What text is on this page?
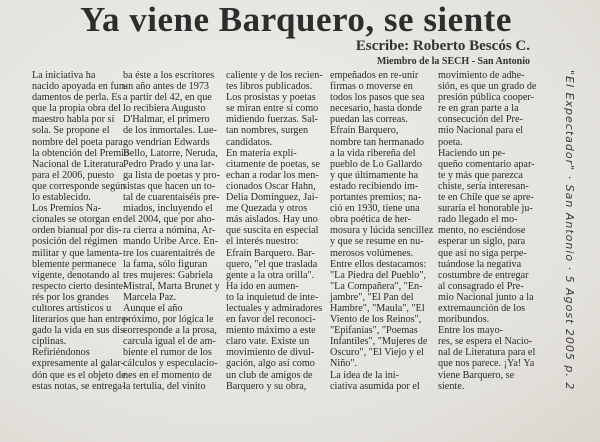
Ya viene Barquero, se siente
Escribe: Roberto Bescós C.
Miembro de la SECH - San Antonio
La iniciativa ha
nacido apoyada en fun-
damentos de perla. Es
que la propia obra del
maestro habla por sí
sola. Se propone el
nombre del poeta para
la obtención del Premio
Nacional de Literatura
para el 2006, puesto
que corresponde según
lo establecido.
Los Premios Na-
cionales se otorgan en
orden bianual por dis-
posición del régimen
militar y que lamenta-
blemente permanece
vigente, denotando al
respecto cierto desinte-
rés por los grandes
cultores artísticos u
literarios que han entre-
gado la vida en sus dis-
ciplinas.
Refiriéndonos
expresamente al galar-
dón que es el objeto de
estas notas, se entrega-
ba éste a los escritores
un año antes de 1973
a partir del 42, en que
lo recibiera Augusto
D'Halmar, el primero
de los inmortales. Lue-
go vendrían Edwards
Bello, Latorre, Neruda,
Pedro Prado y una lar-
ga lista de poetas y pro-
sistas que hacen un to-
tal de cuarentaiséis pre-
miados, incluyendo el
del 2004, que por aho-
ra cierra a nómina, Ar-
mando Uribe Arce. En-
tre los cuarentaitrés de
la fama, sólo figuran
tres mujeres: Gabriela
Mistral, Marta Brunet y
Marcela Paz.
Aunque el año
próximo, por lógica le
corresponde a la prosa,
carcula igual el de am-
biente el rumor de los
cálculos y especulacio-
nes en el momento de
la tertulia, del vinito
caliente y de los recien-
tes libros publicados.
Los prosistas y poetas
se miran entre sí como
midiendo fuerzas. Sal-
tan nombres, surgen
candidatos.
En materia explí-
citamente de poetas, se
echan a rodar los men-
cionados Oscar Hahn,
Delia Domínguez, Jai-
me Quezada y otros
más aislados. Hay uno
que suscita en especial
el interés nuestro:
Efraín Barquero. Bar-
quero, "el que traslada
gente a la otra orilla".
Ha ido en aumen-
to la inquietud de inte-
lectuales y admiradores
en favor del reconoci-
miento máximo a este
claro vate. Existe un
movimiento de divul-
gación, algo así como
un club de amigos de
Barquero y su obra,
empeñados en re-unir
firmas o moverse en
todos los pasos que sea
necesario, hasta donde
puedan las correas.
Efraín Barquero,
nombre tan hermanado
a la vida ribereña del
pueblo de Lo Gallardo
y que últimamente ha
estado recibiendo im-
portantes premios; na-
ció en 1930, tiene una
obra poética de her-
mosura y lúcida sencillez
y que se resume en nu-
merosos volúmenes.
Entre ellos destacamos:
"La Piedra del Pueblo",
"La Compañera", "En-
jambre", "El Pan del
Hambre", "Maula", "El
Viento de los Reinos",
"Epifanías", "Poemas
Infantiles", "Mujeres de
Oscuro", "El Viejo y el
Niño".
La idea de la ini-
ciativa asumida por el
movimiento de adhe-
sión, es que un grado de
presión pública cooper-
re en gran parte a la
consecución del Pre-
mio Nacional para el
poeta.
Haciendo un pe-
queño comentario apar-
te y más que parezca
chiste, sería interesan-
te en Chile que se apre-
suraría el honorable ju-
rado llegado el mo-
mento, no esciéndose
esperar un siglo, para
que así no siga perpe-
tuándose la negativa
costumbre de entregar
al consagrado el Pre-
mio Nacional junto a la
extremaunción de los
moribundos.
Entre los mayo-
res, se espera el Nacio-
nal de Literatura para el
que nos parece. ¡Ya! Ya
viene Barquero, se
siente.	"El Expectador" · San Antonio · 5 Agost 2005 p. 2
